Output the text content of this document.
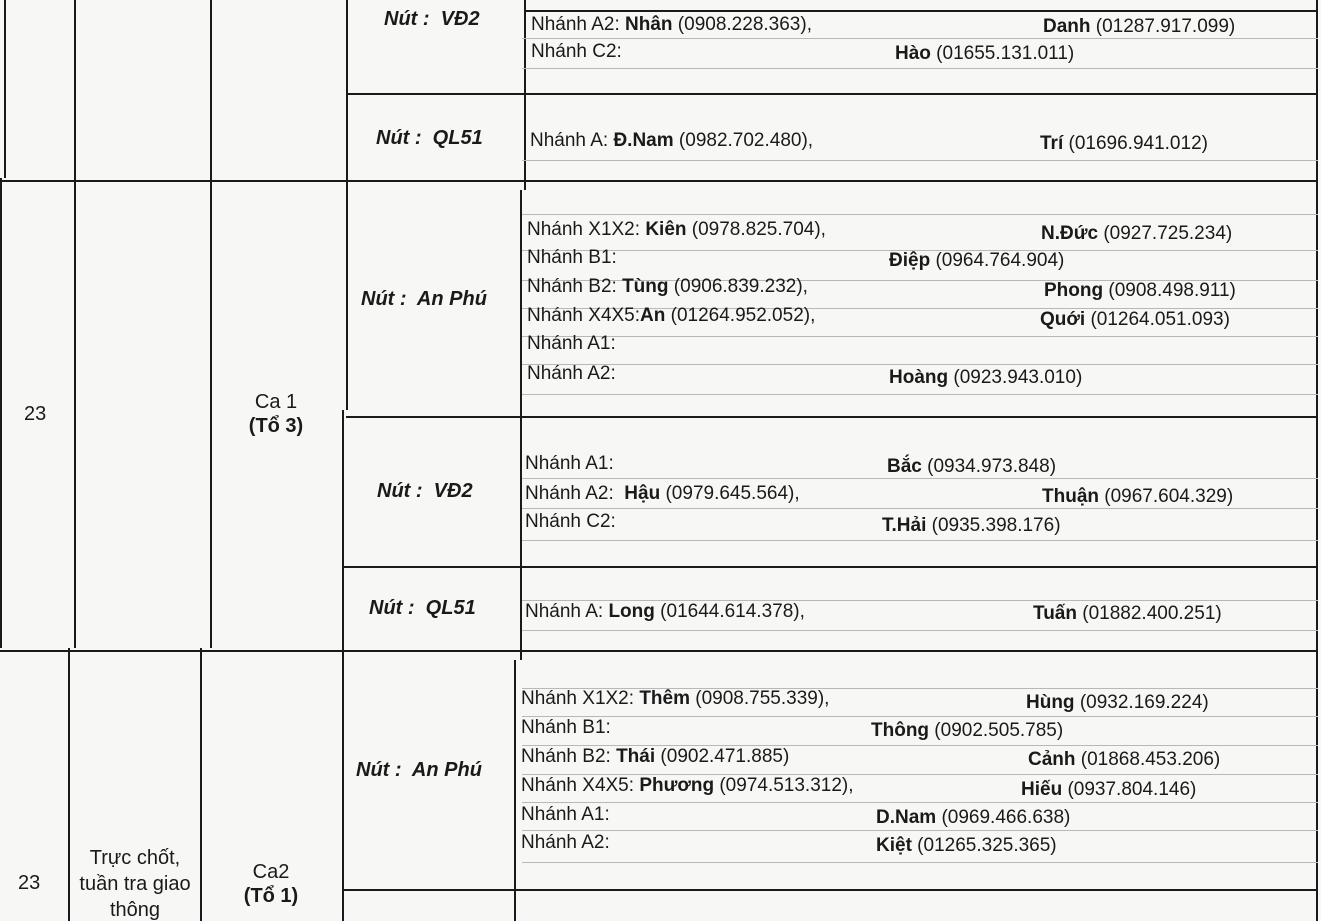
Nút : VĐ2	Nhánh A2: Nhân (0908.228.363),	Danh (01287.917.099)
Nhánh C2:	Hào (01655.131.011)
Nút : QL51 Nhánh A: Đ.Nam (0982.702.480),	Trí (01696.941.012)
23
Ca 1
(Tổ 3)
Nút : An Phú
Nhánh X1X2: Kiên (0978.825.704),	N.Đức (0927.725.234)
Nhánh B1:	Điệp (0964.764.904)
Nhánh B2: Tùng (0906.839.232),	Phong (0908.498.911)
Nhánh X4X5:An (01264.952.052),	Quới (01264.051.093)
Nhánh A1:
Nhánh A2:	Hoàng (0923.943.010)
Nút : VĐ2
Nhánh A1:	Bắc (0934.973.848)
Nhánh A2:  Hậu (0979.645.564),	Thuận (0967.604.329)
Nhánh C2:	T.Hải (0935.398.176)
Nút : QL51	Nhánh A: Long (01644.614.378),	Tuấn (01882.400.251)
23
Trực chốt, tuần tra giao thông
Ca2
(Tổ 1)
Nút : An Phú
Nhánh X1X2: Thêm (0908.755.339),	Hùng (0932.169.224)
Nhánh B1:	Thông (0902.505.785)
Nhánh B2: Thái (0902.471.885)	Cảnh (01868.453.206)
Nhánh X4X5: Phương (0974.513.312),	Hiếu (0937.804.146)
Nhánh A1:	D.Nam (0969.466.638)
Nhánh A2:	Kiệt (01265.325.365)
